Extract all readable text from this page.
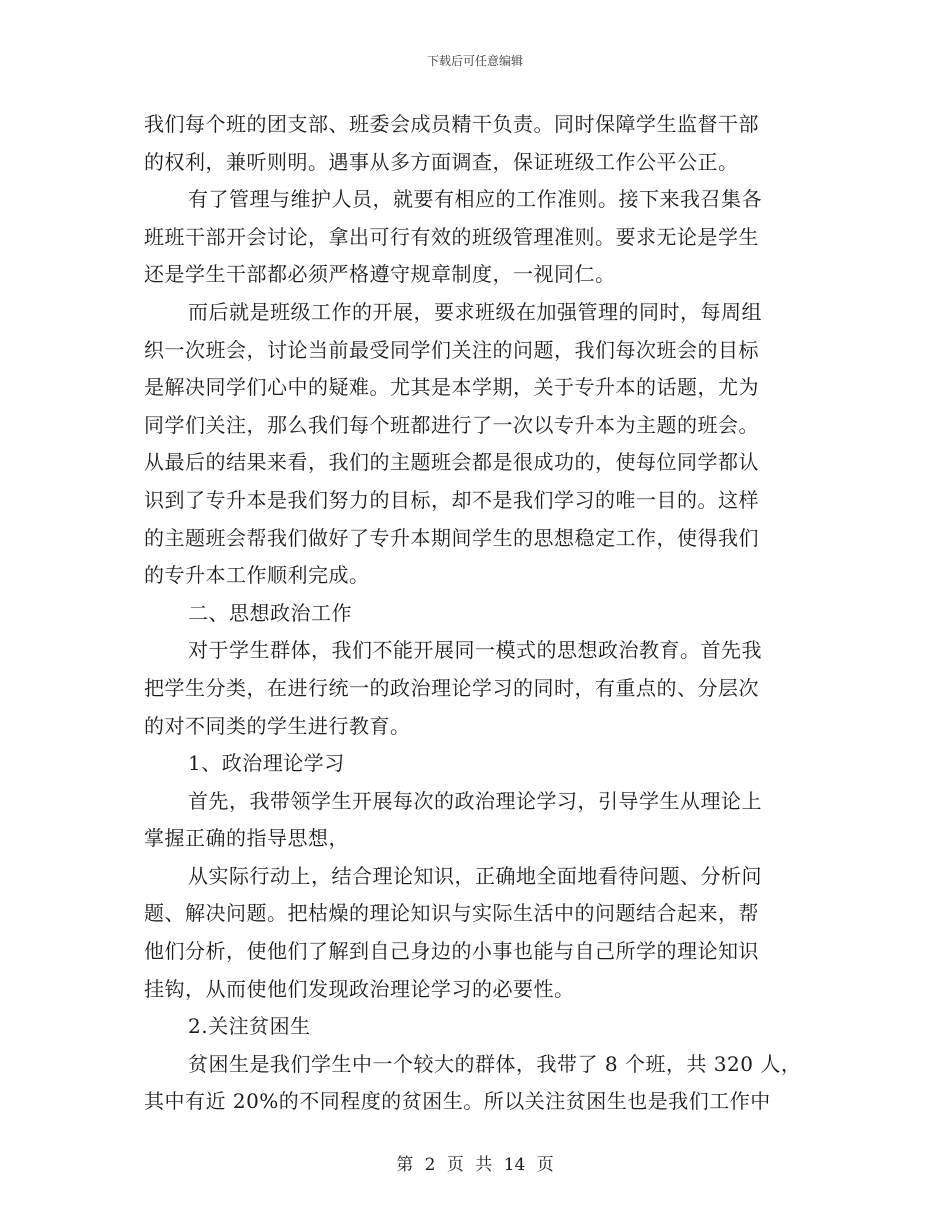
下载后可任意编辑
我们每个班的团支部、班委会成员精干负责。同时保障学生监督干部
的权利，兼听则明。遇事从多方面调查，保证班级工作公平公正。
有了管理与维护人员，就要有相应的工作准则。接下来我召集各
班班干部开会讨论，拿出可行有效的班级管理准则。要求无论是学生
还是学生干部都必须严格遵守规章制度，一视同仁。
而后就是班级工作的开展，要求班级在加强管理的同时，每周组
织一次班会，讨论当前最受同学们关注的问题，我们每次班会的目标
是解决同学们心中的疑难。尤其是本学期，关于专升本的话题，尤为
同学们关注，那么我们每个班都进行了一次以专升本为主题的班会。
从最后的结果来看，我们的主题班会都是很成功的，使每位同学都认
识到了专升本是我们努力的目标，却不是我们学习的唯一目的。这样
的主题班会帮我们做好了专升本期间学生的思想稳定工作，使得我们
的专升本工作顺利完成。
二、思想政治工作
对于学生群体，我们不能开展同一模式的思想政治教育。首先我
把学生分类，在进行统一的政治理论学习的同时，有重点的、分层次
的对不同类的学生进行教育。
1、政治理论学习
首先，我带领学生开展每次的政治理论学习，引导学生从理论上
掌握正确的指导思想，
从实际行动上，结合理论知识，正确地全面地看待问题、分析问
题、解决问题。把枯燥的理论知识与实际生活中的问题结合起来，帮
他们分析，使他们了解到自己身边的小事也能与自己所学的理论知识
挂钩，从而使他们发现政治理论学习的必要性。
2.关注贫困生
贫困生是我们学生中一个较大的群体，我带了 8 个班，共 320 人，
其中有近 20%的不同程度的贫困生。所以关注贫困生也是我们工作中
第 2 页 共 14 页
